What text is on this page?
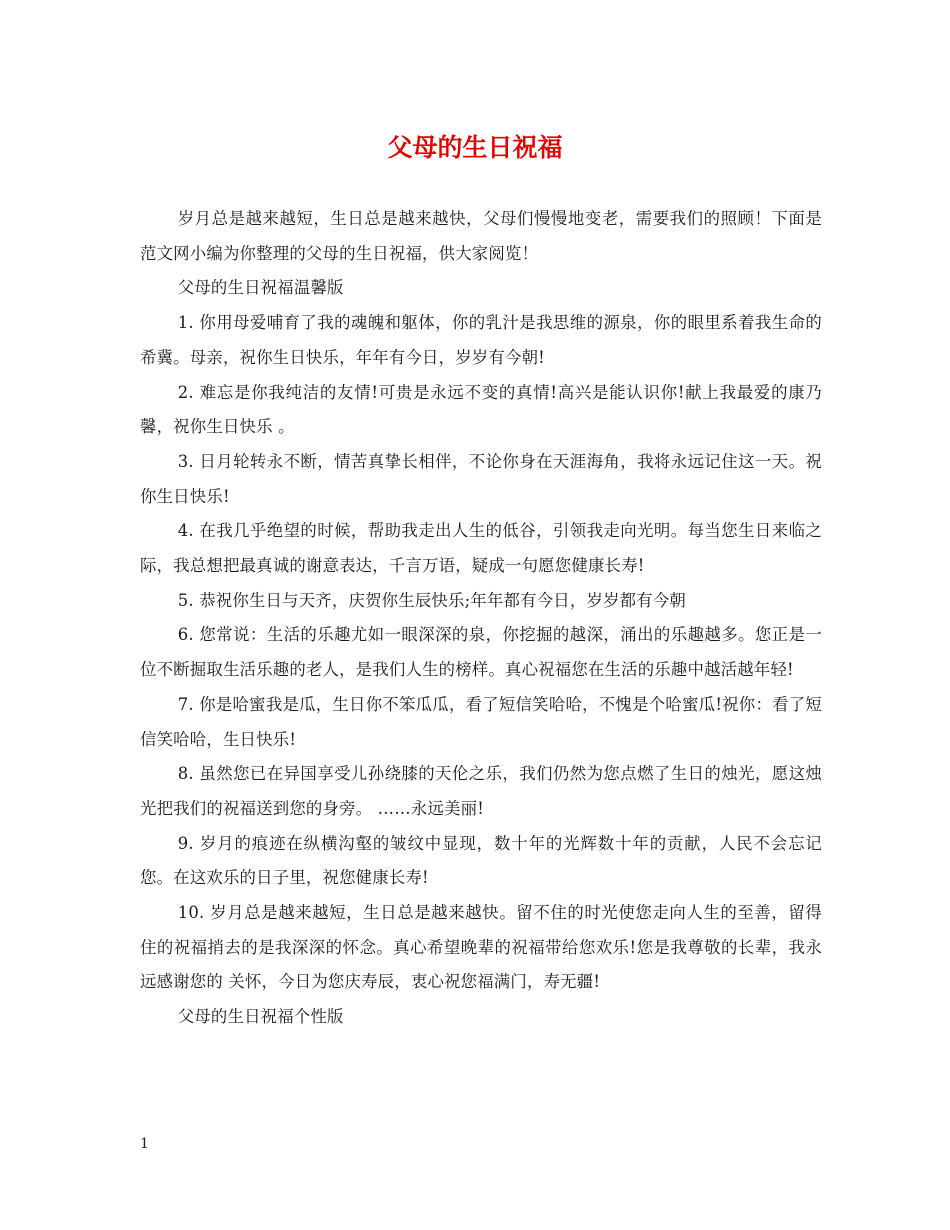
父母的生日祝福

岁月总是越来越短，生日总是越来越快，父母们慢慢地变老，需要我们的照顾！下面是范文网小编为你整理的父母的生日祝福，供大家阅览！

父母的生日祝福温馨版

1. 你用母爱哺育了我的魂魄和躯体，你的乳汁是我思维的源泉，你的眼里系着我生命的希冀。母亲，祝你生日快乐，年年有今日，岁岁有今朝!

2. 难忘是你我纯洁的友情!可贵是永远不变的真情!高兴是能认识你!献上我最爱的康乃馨，祝你生日快乐 。

3. 日月轮转永不断，情苦真挚长相伴，不论你身在天涯海角，我将永远记住这一天。祝你生日快乐!

4. 在我几乎绝望的时候，帮助我走出人生的低谷，引领我走向光明。每当您生日来临之际，我总想把最真诚的谢意表达，千言万语，疑成一句愿您健康长寿!

5. 恭祝你生日与天齐，庆贺你生辰快乐;年年都有今日，岁岁都有今朝

6. 您常说：生活的乐趣尤如一眼深深的泉，你挖掘的越深，涌出的乐趣越多。您正是一位不断掘取生活乐趣的老人，是我们人生的榜样。真心祝福您在生活的乐趣中越活越年轻!

7. 你是哈蜜我是瓜，生日你不笨瓜瓜，看了短信笑哈哈，不愧是个哈蜜瓜!祝你：看了短信笑哈哈，生日快乐!

8. 虽然您已在异国享受儿孙绕膝的天伦之乐，我们仍然为您点燃了生日的烛光，愿这烛光把我们的祝福送到您的身旁。 ……永远美丽!

9. 岁月的痕迹在纵横沟壑的皱纹中显现，数十年的光辉数十年的贡献，人民不会忘记您。在这欢乐的日子里，祝您健康长寿!

10. 岁月总是越来越短，生日总是越来越快。留不住的时光使您走向人生的至善，留得住的祝福捎去的是我深深的怀念。真心希望晚辈的祝福带给您欢乐!您是我尊敬的长辈，我永远感谢您的 关怀，今日为您庆寿辰，衷心祝您福满门，寿无疆!

父母的生日祝福个性版

1
